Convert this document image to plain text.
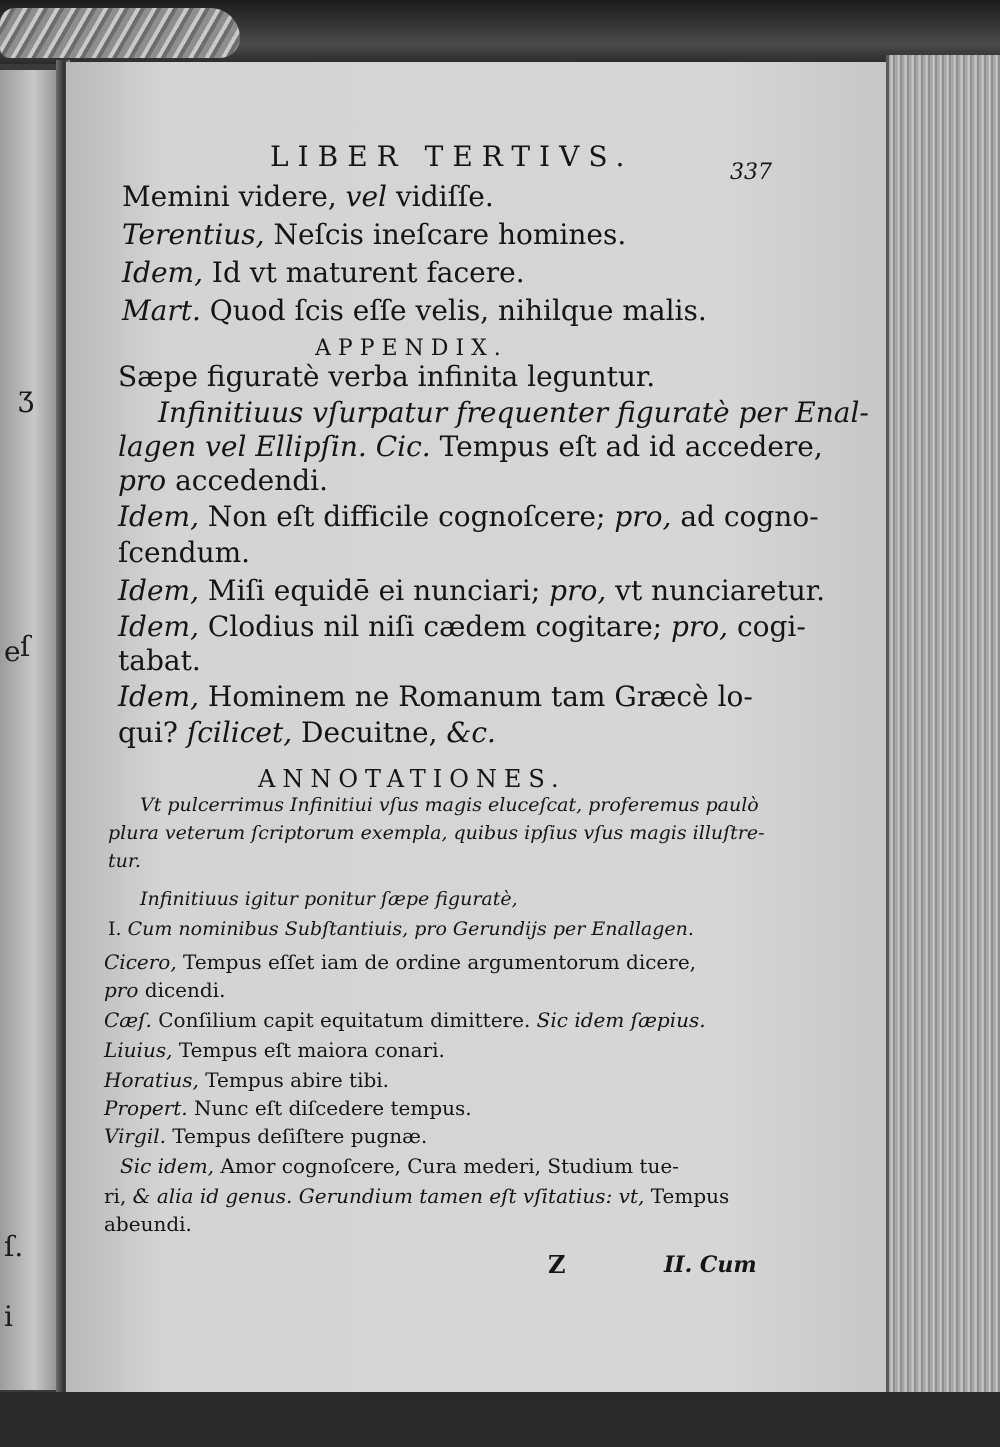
ʒ
ſ
e
ſ.
i
LIBER TERTIVS.	337
Memini videre, vel vidiſſe.
Terentius, Neſcis ineſcare homines.
Idem, Id vt maturent facere.
Mart. Quod ſcis eſſe velis, nihilque malis.
APPENDIX.
Sæpe figuratè verba infinita leguntur.
Infinitiuus vſurpatur frequenter figuratè per Enal-
lagen vel Ellipſin. Cic. Tempus eſt ad id accedere,
pro accedendi.
Idem, Non eſt difficile cognoſcere; pro, ad cogno-
ſcendum.
Idem, Miſi equidē ei nunciari; pro, vt nunciaretur.
Idem, Clodius nil niſi cædem cogitare; pro, cogi-
tabat.
Idem, Hominem ne Romanum tam Græcè lo-
qui? ſcilicet, Decuitne, &c.
ANNOTATIONES.
Vt pulcerrimus Infinitiui vſus magis eluceſcat, proferemus paulò
plura veterum ſcriptorum exempla, quibus ipſius vſus magis illuſtre-
tur.
Infinitiuus igitur ponitur ſæpe figuratè,
I. Cum nominibus Subſtantiuis, pro Gerundijs per Enallagen.
Cicero, Tempus eſſet iam de ordine argumentorum dicere,
pro dicendi.
Cæſ. Conſilium capit equitatum dimittere. Sic idem ſæpius.
Liuius, Tempus eſt maiora conari.
Horatius, Tempus abire tibi.
Propert. Nunc eſt diſcedere tempus.
Virgil. Tempus deſiſtere pugnæ.
Sic idem, Amor cognoſcere, Cura mederi, Studium tue-
ri, & alia id genus. Gerundium tamen eſt vſitatius: vt, Tempus
abeundi.
Z	II. Cum
